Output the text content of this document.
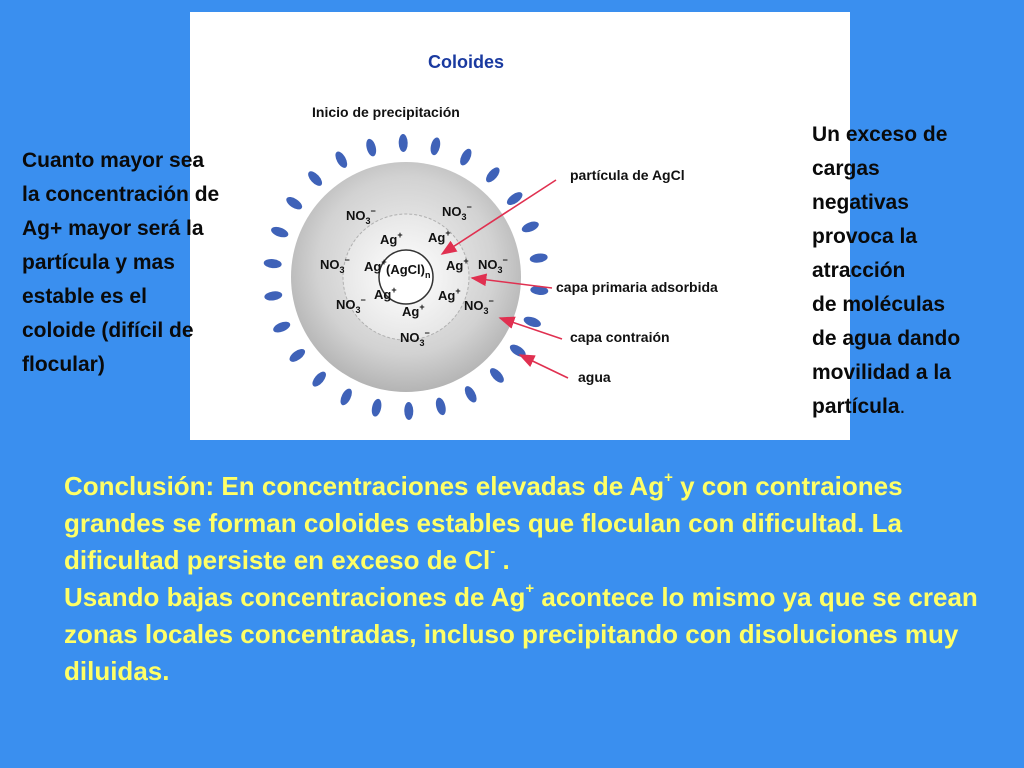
Coloides
Inicio de precipitación
$NO_3^-$	$NO_3^-$
$NO_3^-$	$NO_3^-$
$NO_3^-$	$NO_3^-$
$NO_3^-$
Ag+ Ag+
Ag+	Ag+
Ag+	Ag+
Ag+
$(AgCl)_n$
partícula de AgCl
capa primaria adsorbida
capa contraión
agua
Cuanto mayor sea
la concentración de
Ag+ mayor será la
partícula y mas
estable es el
coloide (difícil de
flocular)
Un exceso de
cargas
negativas
provoca la
atracción
de moléculas
de agua dando
movilidad a la
partícula.

Conclusión: En concentraciones elevadas de Ag+ y con contraiones grandes se forman coloides estables que floculan con dificultad. La dificultad persiste en exceso de Cl- .

Usando bajas concentraciones de Ag+ acontece lo mismo ya que se crean zonas locales concentradas, incluso precipitando con disoluciones muy diluidas.
